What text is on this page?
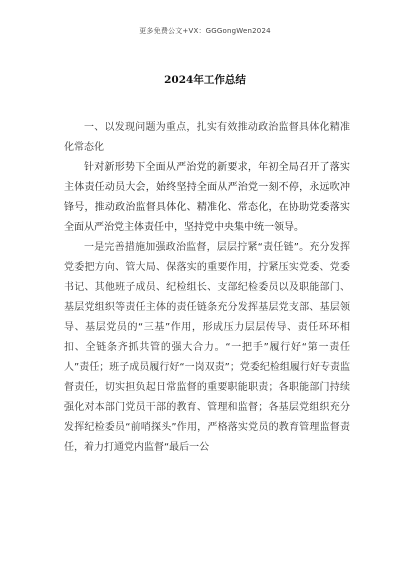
更多免费公文+VX：GGGongWen2024
2024年工作总结

一、以发现问题为重点，扎实有效推动政治监督具体化精准化常态化

针对新形势下全面从严治党的新要求，年初全局召开了落实主体责任动员大会，始终坚持全面从严治党一刻不停，永远吹冲锋号，推动政治监督具体化、精准化、常态化，在协助党委落实全面从严治党主体责任中，坚持党中央集中统一领导。

一是完善措施加强政治监督，层层拧紧“责任链”。充分发挥党委把方向、管大局、保落实的重要作用，拧紧压实党委、党委书记、其他班子成员、纪检组长、支部纪检委员以及职能部门、基层党组织等责任主体的责任链条充分发挥基层党支部、基层领导、基层党员的“三基”作用，形成压力层层传导、责任环环相扣、全链条齐抓共管的强大合力。“一把手”履行好“第一责任人”责任；班子成员履行好“一岗双责”；党委纪检组履行好专责监督责任，切实担负起日常监督的重要职能职责；各职能部门持续强化对本部门党员干部的教育、管理和监督；各基层党组织充分发挥纪检委员“前哨探头”作用，严格落实党员的教育管理监督责任，着力打通党内监督“最后一公
